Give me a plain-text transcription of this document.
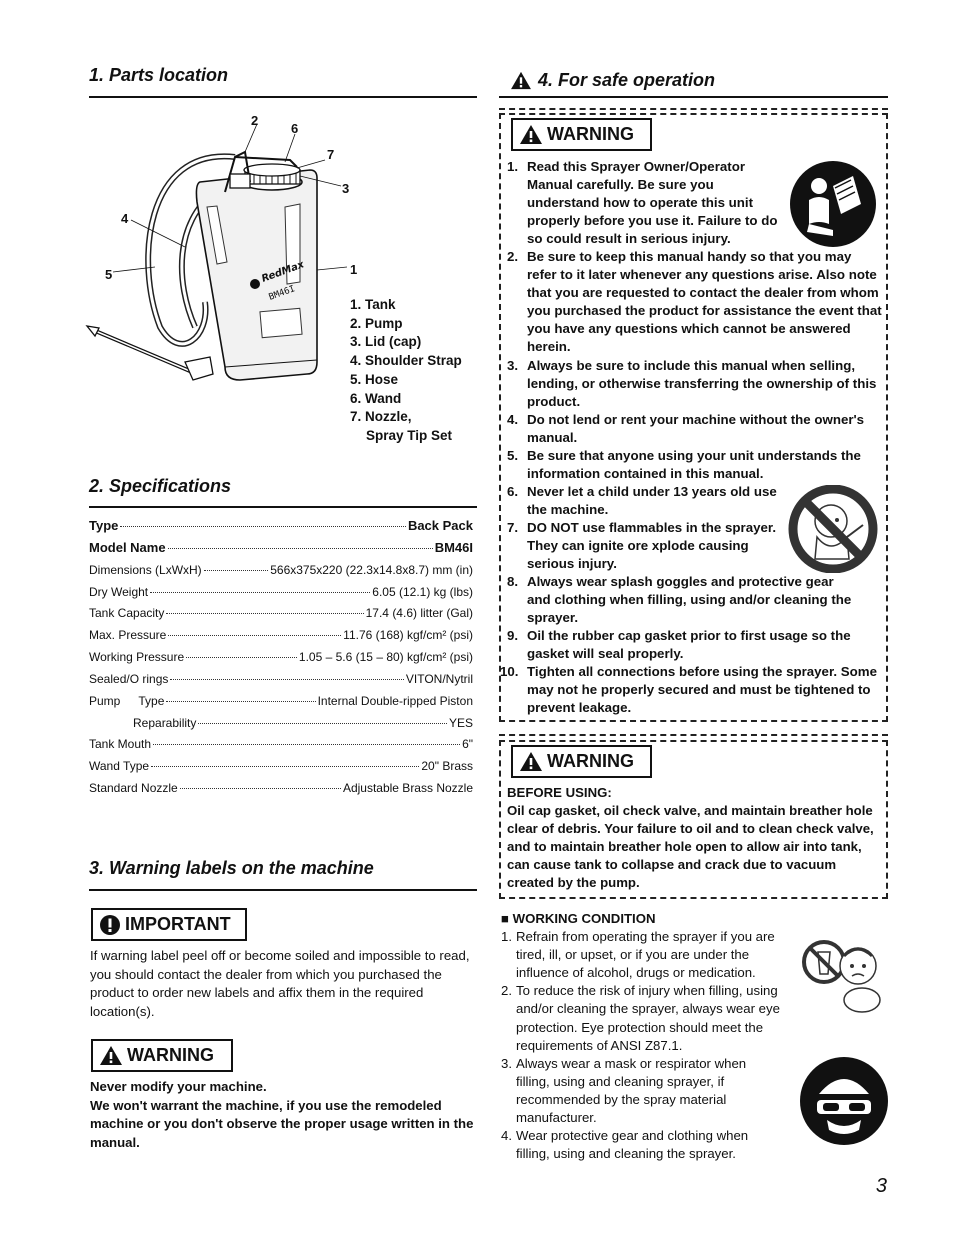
1. Parts location
RedMax
BM46I
2
6
7
3
4
5	1
1. Tank
2. Pump
3. Lid (cap)
4. Shoulder Strap
5. Hose
6. Wand
7. Nozzle,
Spray Tip Set
2. Specifications
Type	Back Pack
Model Name	BM46I
Dimensions (LxWxH)	566x375x220 (22.3x14.8x8.7) mm (in)
Dry Weight	6.05 (12.1) kg (lbs)
Tank Capacity	17.4 (4.6) litter (Gal)
Max. Pressure	11.76 (168) kgf/cm² (psi)
Working Pressure	1.05 – 5.6 (15 – 80) kgf/cm² (psi)
Sealed/O rings	VITON/Nytril
Pump Type	Internal Double-ripped Piston
Reparability	YES
Tank Mouth	6"
Wand Type	20" Brass
Standard Nozzle	Adjustable Brass Nozzle
3. Warning labels on the machine
IMPORTANT
If warning label peel off or become soiled and impossible to read, you should contact the dealer from which you purchased the product to order new labels and affix them in the required location(s).
WARNING
Never modify your machine.
We won't warrant the machine, if you use the remodeled machine or you don't observe the proper usage written in the manual.
4. For safe operation
WARNING
1. Read this Sprayer Owner/Operator Manual carefully. Be sure you understand how to operate this unit properly before you use it. Failure to do so could result in serious injury.
2. Be sure to keep this manual handy so that you may refer to it later whenever any questions arise. Also note that you are requested to contact the dealer from whom you purchased the product for assistance the event that you have any questions which cannot be answered herein.
3. Always be sure to include this manual when selling, lending, or otherwise transferring the ownership of this product.
4. Do not lend or rent your machine without the owner's manual.
5. Be sure that anyone using your unit understands the information contained in this manual.
6. Never let a child under 13 years old use the machine.
7. DO NOT use flammables in the sprayer. They can ignite ore xplode causing serious injury.
8. Always wear splash goggles and protective gear and clothing when filling, using and/or cleaning the sprayer.
9. Oil the rubber cap gasket prior to first usage so the gasket will seal properly.
10. Tighten all connections before using the sprayer. Some may not he properly secured and must be tightened to prevent leakage.
WARNING
BEFORE USING:
Oil cap gasket, oil check valve, and maintain breather hole clear of debris. Your failure to oil and to clean check valve, and to maintain breather hole open to allow air into tank, can cause tank to collapse and crack due to vacuum created by the pump.
■ WORKING CONDITION
1. Refrain from operating the sprayer if you are tired, ill, or upset, or if you are under the influence of alcohol, drugs or medication.
2. To reduce the risk of injury when filling, using and/or cleaning the sprayer, always wear eye protection. Eye protection should meet the requirements of ANSI Z87.1.
3. Always wear a mask or respirator when filling, using and cleaning sprayer, if recommended by the spray material manufacturer.
4. Wear protective gear and clothing when filling, using and cleaning the sprayer.
3
